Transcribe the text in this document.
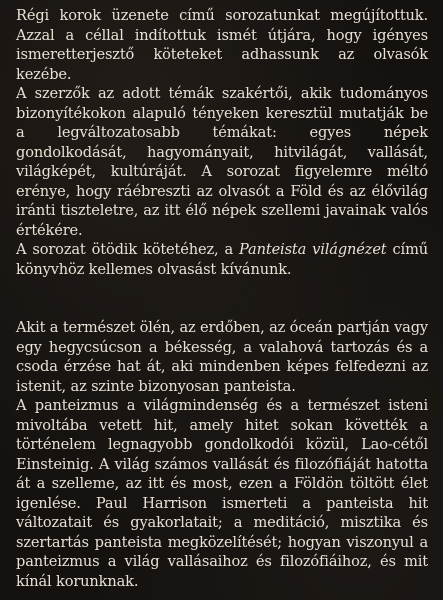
Régi korok üzenete című sorozatunkat megújítottuk. Azzal a céllal indítottuk ismét útjára, hogy igényes ismeretterjesztő köteteket adhassunk az olvasók kezébe.

A szerzők az adott témák szakértői, akik tudományos bizonyítékokon alapuló tényeken keresztül mutatják be a legváltozatosabb témákat: egyes népek gondolkodását, hagyományait, hitvilágát, vallását, világképét, kultúráját. A sorozat figyelemre méltó erénye, hogy ráébreszti az olvasót a Föld és az élővilág iránti tiszteletre, az itt élő népek szellemi javainak valós értékére.

A sorozat ötödik kötetéhez, a Panteista világnézet című könyvhöz kellemes olvasást kívánunk.

Akit a természet ölén, az erdőben, az óceán partján vagy egy hegycsúcson a békesség, a valahová tartozás és a csoda érzése hat át, aki mindenben képes felfedezni az istenit, az szinte bizonyosan panteista.

A panteizmus a világmindenség és a természet isteni mivoltába vetett hit, amely hitet sokan követték a történelem legnagyobb gondolkodói közül, Lao-cétől Einsteinig. A világ számos vallását és filozófiáját hatotta át a szelleme, az itt és most, ezen a Földön töltött élet igenlése. Paul Harrison ismerteti a panteista hit változatait és gyakorlatait; a meditáció, misztika és szertartás panteista megközelítését; hogyan viszonyul a panteizmus a világ vallásaihoz és filozófiáihoz, és mit kínál korunknak.
